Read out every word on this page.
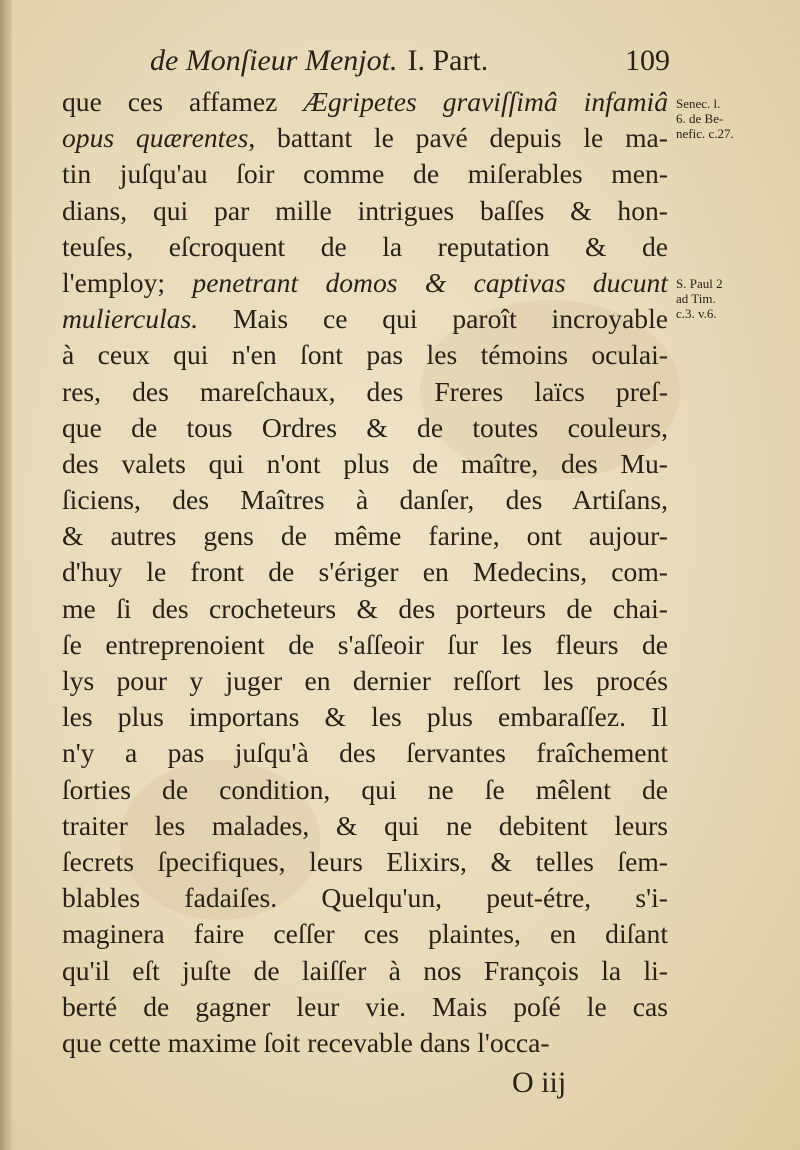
de Monſieur Menjot. I. Part.	109
que ces affamez Ægripetes graviſſimâ infamiâ
opus quærentes, battant le pavé depuis le ma-
tin juſqu'au ſoir comme de miſerables men-
dians, qui par mille intrigues baſſes & hon-
teuſes, eſcroquent de la reputation & de
l'employ; penetrant domos & captivas ducunt
mulierculas. Mais ce qui paroît incroyable
à ceux qui n'en ſont pas les témoins oculai-
res, des mareſchaux, des Freres laïcs preſ-
que de tous Ordres & de toutes couleurs,
des valets qui n'ont plus de maître, des Mu-
ſiciens, des Maîtres à danſer, des Artiſans,
& autres gens de même farine, ont aujour-
d'huy le front de s'ériger en Medecins, com-
me ſi des crocheteurs & des porteurs de chai-
ſe entreprenoient de s'aſſeoir ſur les fleurs de
lys pour y juger en dernier reſſort les procés
les plus importans & les plus embaraſſez. Il
n'y a pas juſqu'à des ſervantes fraîchement
ſorties de condition, qui ne ſe mêlent de
traiter les malades, & qui ne debitent leurs
ſecrets ſpecifiques, leurs Elixirs, & telles ſem-
blables fadaiſes. Quelqu'un, peut-étre, s'i-
maginera faire ceſſer ces plaintes, en diſant
qu'il eſt juſte de laiſſer à nos François la li-
berté de gagner leur vie. Mais poſé le cas
que cette maxime ſoit recevable dans l'occa-
Senec. l.
6. de Be-
nefic. c.27.
S. Paul 2
ad Tim.
c.3. v.6.
O iij
